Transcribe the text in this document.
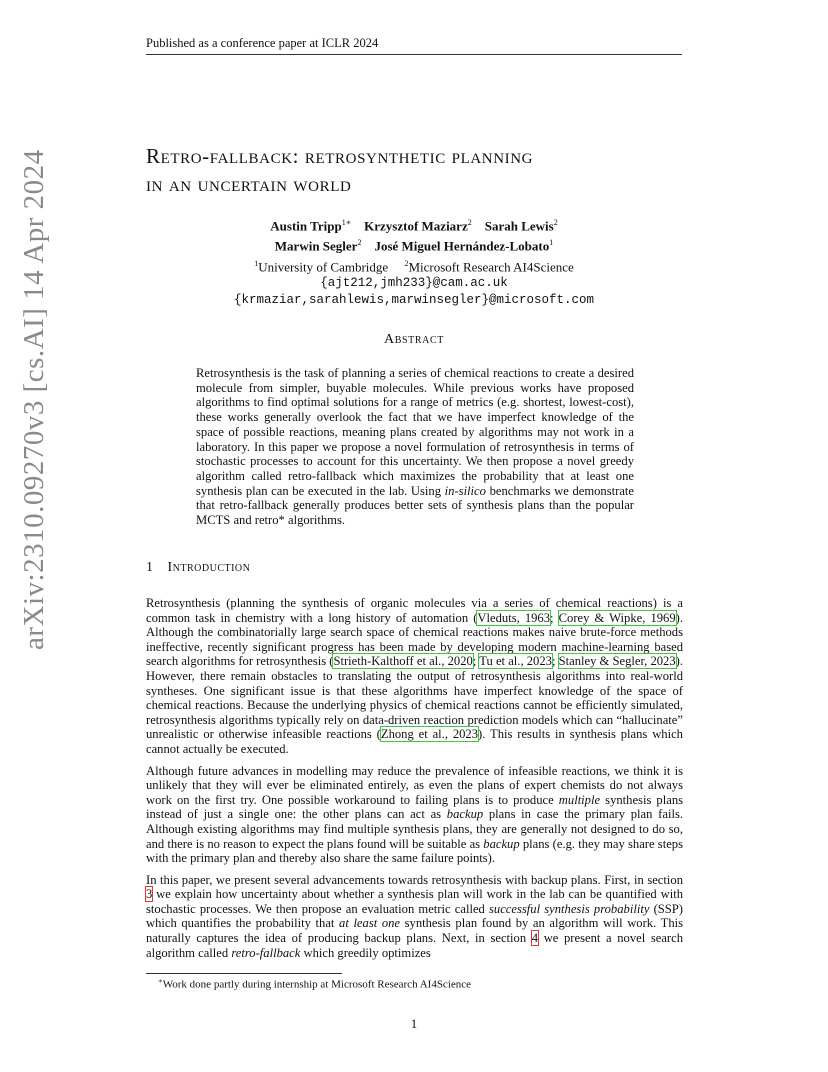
Published as a conference paper at ICLR 2024
arXiv:2310.09270v3 [cs.AI] 14 Apr 2024	Retro-fallback: retrosynthetic planning
in an uncertain world
Austin Tripp$^{1∗}$ Krzysztof Maziarz$^2$ Sarah Lewis$^2$
Marwin Segler$^2$ José Miguel Hernández-Lobato$^1$
$^1$University of Cambridge $^2$Microsoft Research AI4Science
{ajt212,jmh233}@cam.ac.uk
{krmaziar,sarahlewis,marwinsegler}@microsoft.com
Abstract
Retrosynthesis is the task of planning a series of chemical reactions to create a desired molecule from simpler, buyable molecules. While previous works have proposed algorithms to find optimal solutions for a range of metrics (e.g. shortest, lowest-cost), these works generally overlook the fact that we have imperfect knowledge of the space of possible reactions, meaning plans created by algorithms may not work in a laboratory. In this paper we propose a novel formulation of retrosynthesis in terms of stochastic processes to account for this uncertainty. We then propose a novel greedy algorithm called retro-fallback which maximizes the probability that at least one synthesis plan can be executed in the lab. Using in-silico benchmarks we demonstrate that retro-fallback generally produces better sets of synthesis plans than the popular MCTS and retro* algorithms.
1 Introduction

Retrosynthesis (planning the synthesis of organic molecules via a series of chemical reactions) is a common task in chemistry with a long history of automation (Vleduts, 1963; Corey & Wipke, 1969). Although the combinatorially large search space of chemical reactions makes naive brute-force methods ineffective, recently significant progress has been made by developing modern machine-learning based search algorithms for retrosynthesis (Strieth-Kalthoff et al., 2020; Tu et al., 2023; Stanley & Segler, 2023). However, there remain obstacles to translating the output of retrosynthesis algorithms into real-world syntheses. One significant issue is that these algorithms have imperfect knowledge of the space of chemical reactions. Because the underlying physics of chemical reactions cannot be efficiently simulated, retrosynthesis algorithms typically rely on data-driven reaction prediction models which can “hallucinate” unrealistic or otherwise infeasible reactions (Zhong et al., 2023). This results in synthesis plans which cannot actually be executed.

Although future advances in modelling may reduce the prevalence of infeasible reactions, we think it is unlikely that they will ever be eliminated entirely, as even the plans of expert chemists do not always work on the first try. One possible workaround to failing plans is to produce multiple synthesis plans instead of just a single one: the other plans can act as backup plans in case the primary plan fails. Although existing algorithms may find multiple synthesis plans, they are generally not designed to do so, and there is no reason to expect the plans found will be suitable as backup plans (e.g. they may share steps with the primary plan and thereby also share the same failure points).

In this paper, we present several advancements towards retrosynthesis with backup plans. First, in section 3 we explain how uncertainty about whether a synthesis plan will work in the lab can be quantified with stochastic processes. We then propose an evaluation metric called successful synthesis probability (SSP) which quantifies the probability that at least one synthesis plan found by an algorithm will work. This naturally captures the idea of producing backup plans. Next, in section 4 we present a novel search algorithm called retro-fallback which greedily optimizes

∗Work done partly during internship at Microsoft Research AI4Science
1
